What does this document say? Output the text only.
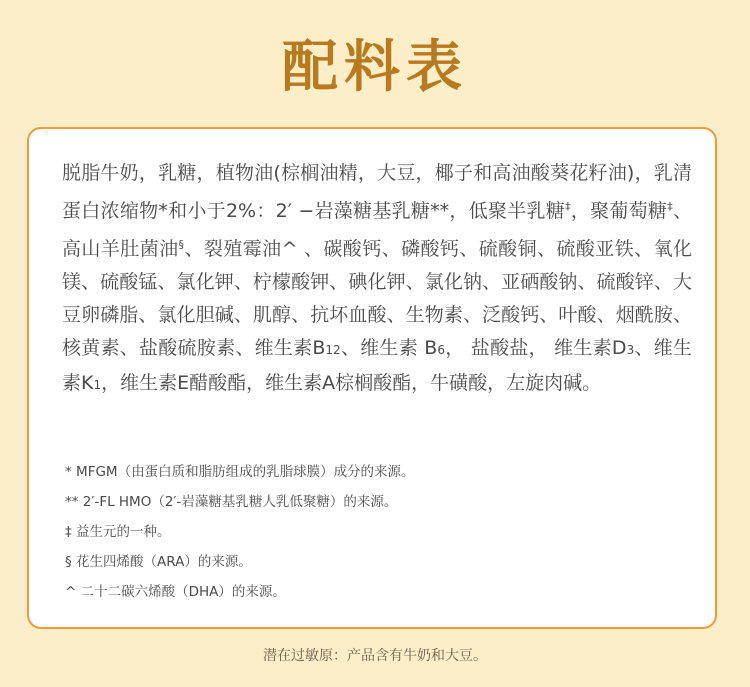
配料表
脱脂牛奶，乳糖，植物油(棕榈油精，大豆，椰子和高油酸葵花籽油)，乳清蛋白浓缩物*和小于2%：2′ −岩藻糖基乳糖**，低聚半乳糖‡，聚葡萄糖‡、高山羊肚菌油§、裂殖霉油^ 、碳酸钙、磷酸钙、硫酸铜、硫酸亚铁、氧化镁、硫酸锰、氯化钾、柠檬酸钾、碘化钾、氯化钠、亚硒酸钠、硫酸锌、大豆卵磷脂、氯化胆碱、肌醇、抗坏血酸、生物素、泛酸钙、叶酸、烟酰胺、核黄素、盐酸硫胺素、维生素B12、维生素 B6， 盐酸盐， 维生素D3、维生素K1，维生素E醋酸酯，维生素A棕榈酸酯，牛磺酸，左旋肉碱。
* MFGM（由蛋白质和脂肪组成的乳脂球膜）成分的来源。
** 2′-FL HMO（2′-岩藻糖基乳糖人乳低聚糖）的来源。
‡ 益生元的一种。
§ 花生四烯酸（ARA）的来源。
^ 二十二碳六烯酸（DHA）的来源。
潜在过敏原：产品含有牛奶和大豆。
